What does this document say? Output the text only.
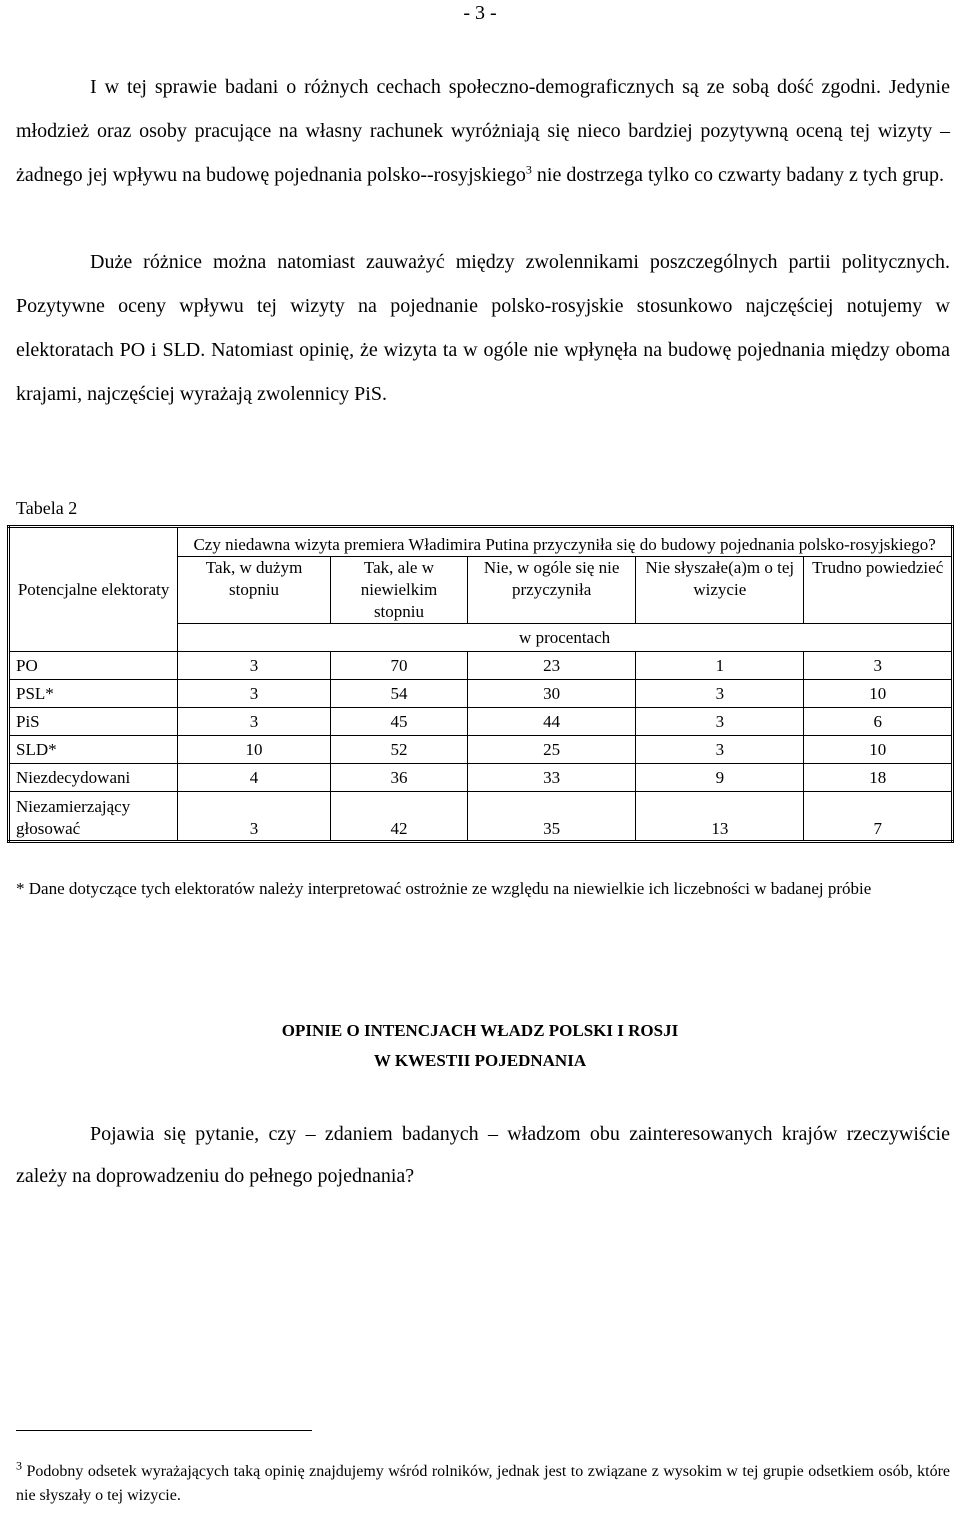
- 3 -

I w tej sprawie badani o różnych cechach społeczno-demograficznych są ze sobą dość zgodni. Jedynie młodzież oraz osoby pracujące na własny rachunek wyróżniają się nieco bardziej pozytywną oceną tej wizyty – żadnego jej wpływu na budowę pojednania polsko-​-rosyjskiego$^3$ nie dostrzega tylko co czwarty badany z tych grup.

Duże różnice można natomiast zauważyć między zwolennikami poszczególnych partii politycznych. Pozytywne oceny wpływu tej wizyty na pojednanie polsko-rosyjskie stosunkowo najczęściej notujemy w elektoratach PO i SLD. Natomiast opinię, że wizyta ta w ogóle nie wpłynęła na budowę pojednania między oboma krajami, najczęściej wyrażają zwolennicy PiS.

Tabela 2
Potencjalne elektoraty	Czy niedawna wizyta premiera Władimira Putina przyczyniła się do budowy pojednania polsko-rosyjskiego?				
	Tak, w dużym stopniu	Tak, ale w niewielkim stopniu	Nie, w ogóle się nie przyczyniła	Nie słyszałe(a)m o tej wizycie	Trudno powiedzieć
	w procentach				
PO	3	70	23	1	3
PSL*	3	54	30	3	10
PiS	3	45	44	3	6
SLD*	10	52	25	3	10
Niezdecydowani	4	36	33	9	18
Niezamierzający głosować	3	42	35	13	7

* Dane dotyczące tych elektoratów należy interpretować ostrożnie ze względu na niewielkie ich liczebności w badanej próbie

OPINIE O INTENCJACH WŁADZ POLSKI I ROSJI
W KWESTII POJEDNANIA

Pojawia się pytanie, czy – zdaniem badanych – władzom obu zainteresowanych krajów rzeczywiście zależy na doprowadzeniu do pełnego pojednania?

$^3$ Podobny odsetek wyrażających taką opinię znajdujemy wśród rolników, jednak jest to związane z wysokim w tej grupie odsetkiem osób, które nie słyszały o tej wizycie.
